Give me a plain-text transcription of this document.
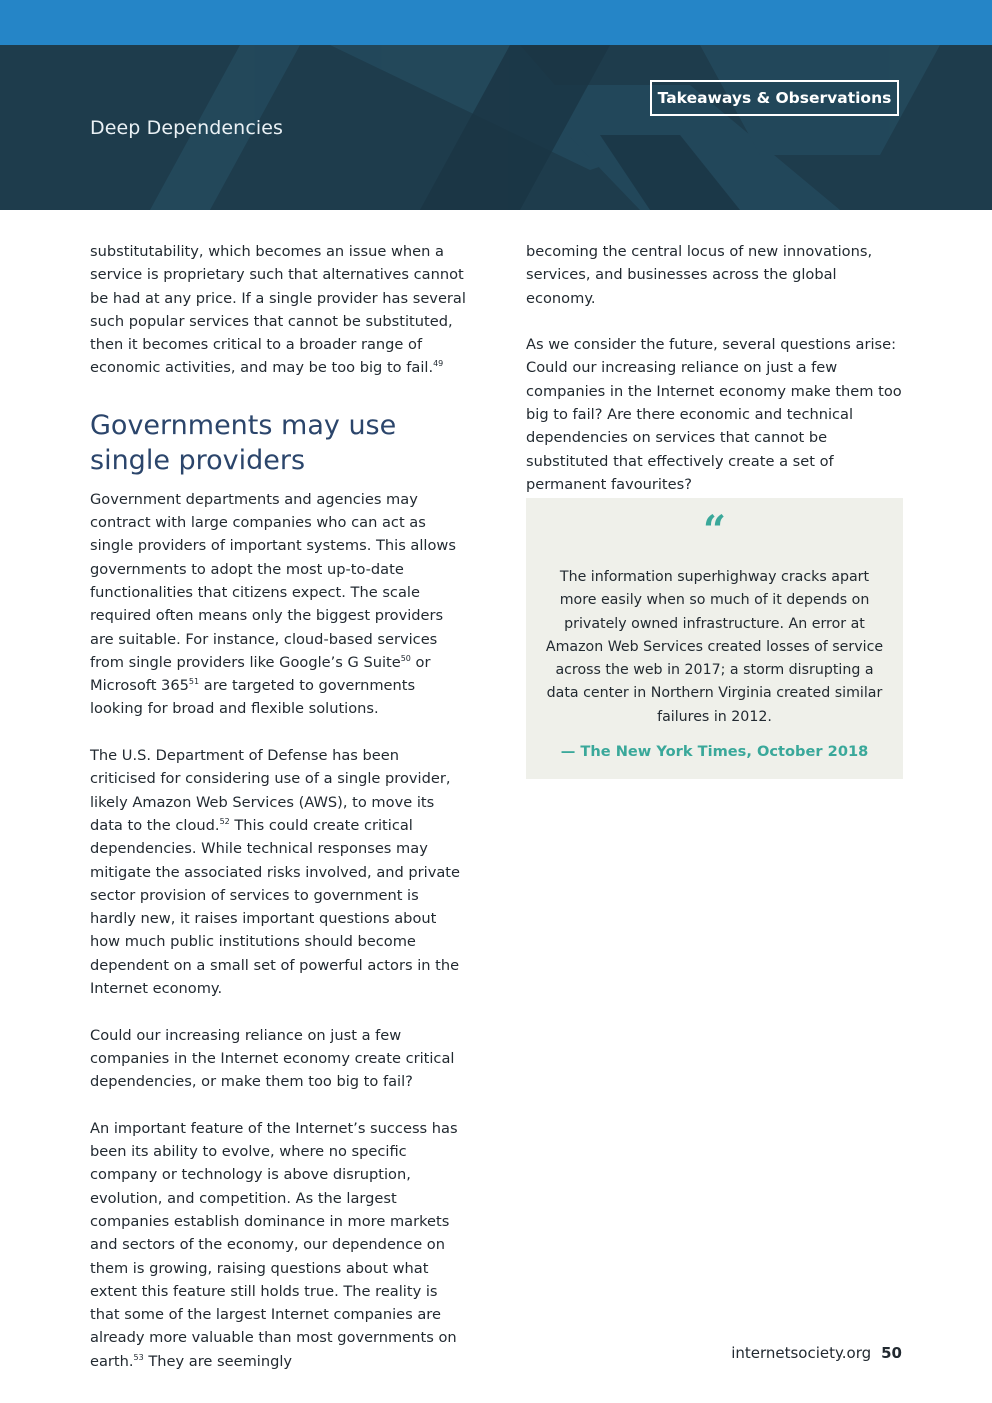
Deep Dependencies
Takeaways & Observations

substitutability, which becomes an issue when a service is proprietary such that alternatives cannot be had at any price. If a single provider has several such popular services that cannot be substituted, then it becomes critical to a broader range of economic activities, and may be too big to fail.$^{49}$

Governments may use
single providers

Government departments and agencies may contract with large companies who can act as single providers of important systems. This allows governments to adopt the most up-to-date functionalities that citizens expect. The scale required often means only the biggest providers are suitable. For instance, cloud-based services from single providers like Google’s G Suite$^{50}$ or Microsoft $365^{51}$ are targeted to governments looking for broad and flexible solutions.

The U.S. Department of Defense has been criticised for considering use of a single provider, likely Amazon Web Services (AWS), to move its data to the cloud.$^{52}$ This could create critical dependencies. While technical responses may mitigate the associated risks involved, and private sector provision of services to government is hardly new, it raises important questions about how much public institutions should become dependent on a small set of powerful actors in the Internet economy.

Could our increasing reliance on just a few companies in the Internet economy create critical dependencies, or make them too big to fail?

An important feature of the Internet’s success has been its ability to evolve, where no specific company or technology is above disruption, evolution, and competition. As the largest companies establish dominance in more markets and sectors of the economy, our dependence on them is growing, raising questions about what extent this feature still holds true. The reality is that some of the largest Internet companies are already more valuable than most governments on earth.$^{53}$ They are seemingly

becoming the central locus of new innovations, services, and businesses across the global economy.

As we consider the future, several questions arise: Could our increasing reliance on just a few companies in the Internet economy make them too big to fail? Are there economic and technical dependencies on services that cannot be substituted that effectively create a set of permanent favourites?

“
The information superhighway cracks apart more easily when so much of it depends on privately owned infrastructure. An error at Amazon Web Services created losses of service across the web in 2017; a storm disrupting a data center in Northern Virginia created similar failures in 2012.
— The New York Times, October 2018
internetsociety.org 50
